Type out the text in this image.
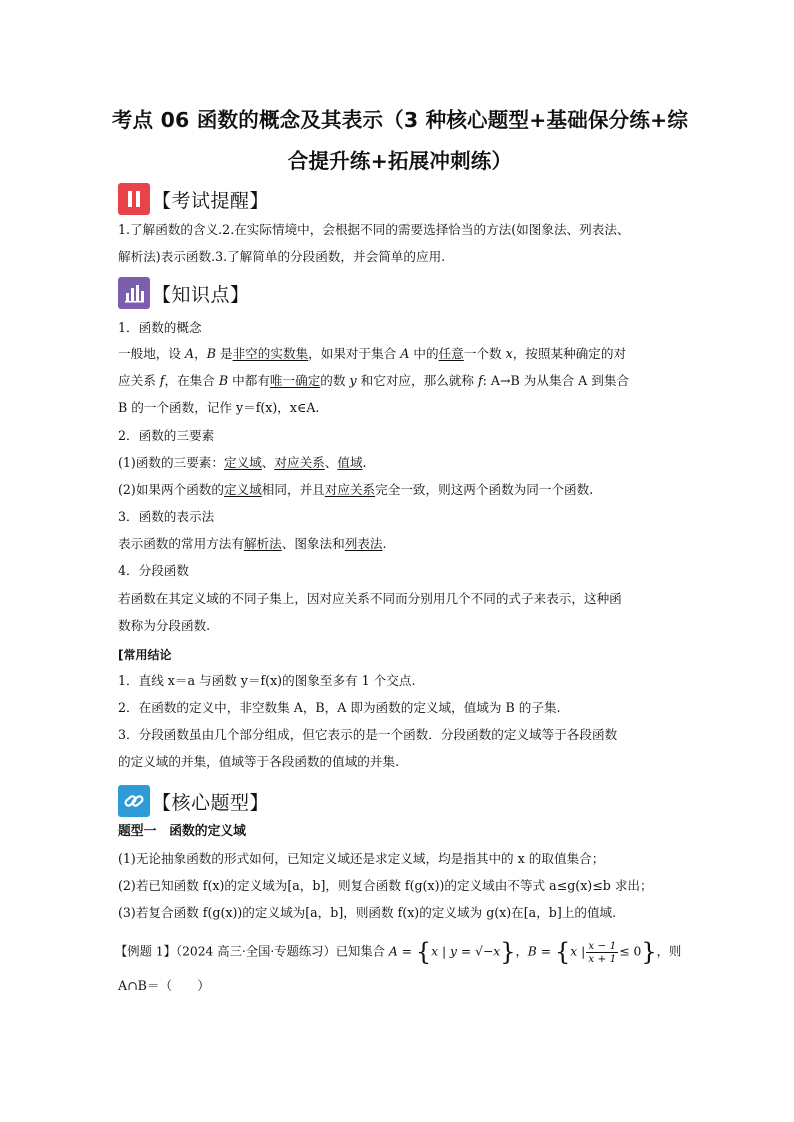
考点 06 函数的概念及其表示（3 种核心题型+基础保分练+综
合提升练+拓展冲刺练）
【考试提醒】
1.了解函数的含义.2.在实际情境中，会根据不同的需要选择恰当的方法(如图象法、列表法、
解析法)表示函数.3.了解简单的分段函数，并会简单的应用.
【知识点】
1．函数的概念
一般地，设 A，B 是非空的实数集，如果对于集合 A 中的任意一个数 x，按照某种确定的对
应关系 f，在集合 B 中都有唯一确定的数 y 和它对应，那么就称 f: A→B 为从集合 A 到集合
B 的一个函数，记作 y＝f(x)，x∈A.
2．函数的三要素
(1)函数的三要素：定义域、对应关系、值域.
(2)如果两个函数的定义域相同，并且对应关系完全一致，则这两个函数为同一个函数.
3．函数的表示法
表示函数的常用方法有解析法、图象法和列表法.
4．分段函数
若函数在其定义域的不同子集上，因对应关系不同而分别用几个不同的式子来表示，这种函
数称为分段函数.
[常用结论
1．直线 x＝a 与函数 y＝f(x)的图象至多有 1 个交点.
2．在函数的定义中，非空数集 A，B，A 即为函数的定义域，值域为 B 的子集.
3．分段函数虽由几个部分组成，但它表示的是一个函数．分段函数的定义域等于各段函数
的定义域的并集，值域等于各段函数的值域的并集.
【核心题型】
题型一　函数的定义域
(1)无论抽象函数的形式如何，已知定义域还是求定义域，均是指其中的 x 的取值集合；
(2)若已知函数 f(x)的定义域为[a，b]，则复合函数 f(g(x))的定义域由不等式 a≤g(x)≤b 求出；
(3)若复合函数 f(g(x))的定义域为[a，b]，则函数 f(x)的定义域为 g(x)在[a，b]上的值域.
【例题 1】（2024 高三·全国·专题练习）已知集合 A = {x | y = √−x}，B = {x | $\frac{x - 1}{x + 1} \le 0$}，则
A∩B＝（　　）
